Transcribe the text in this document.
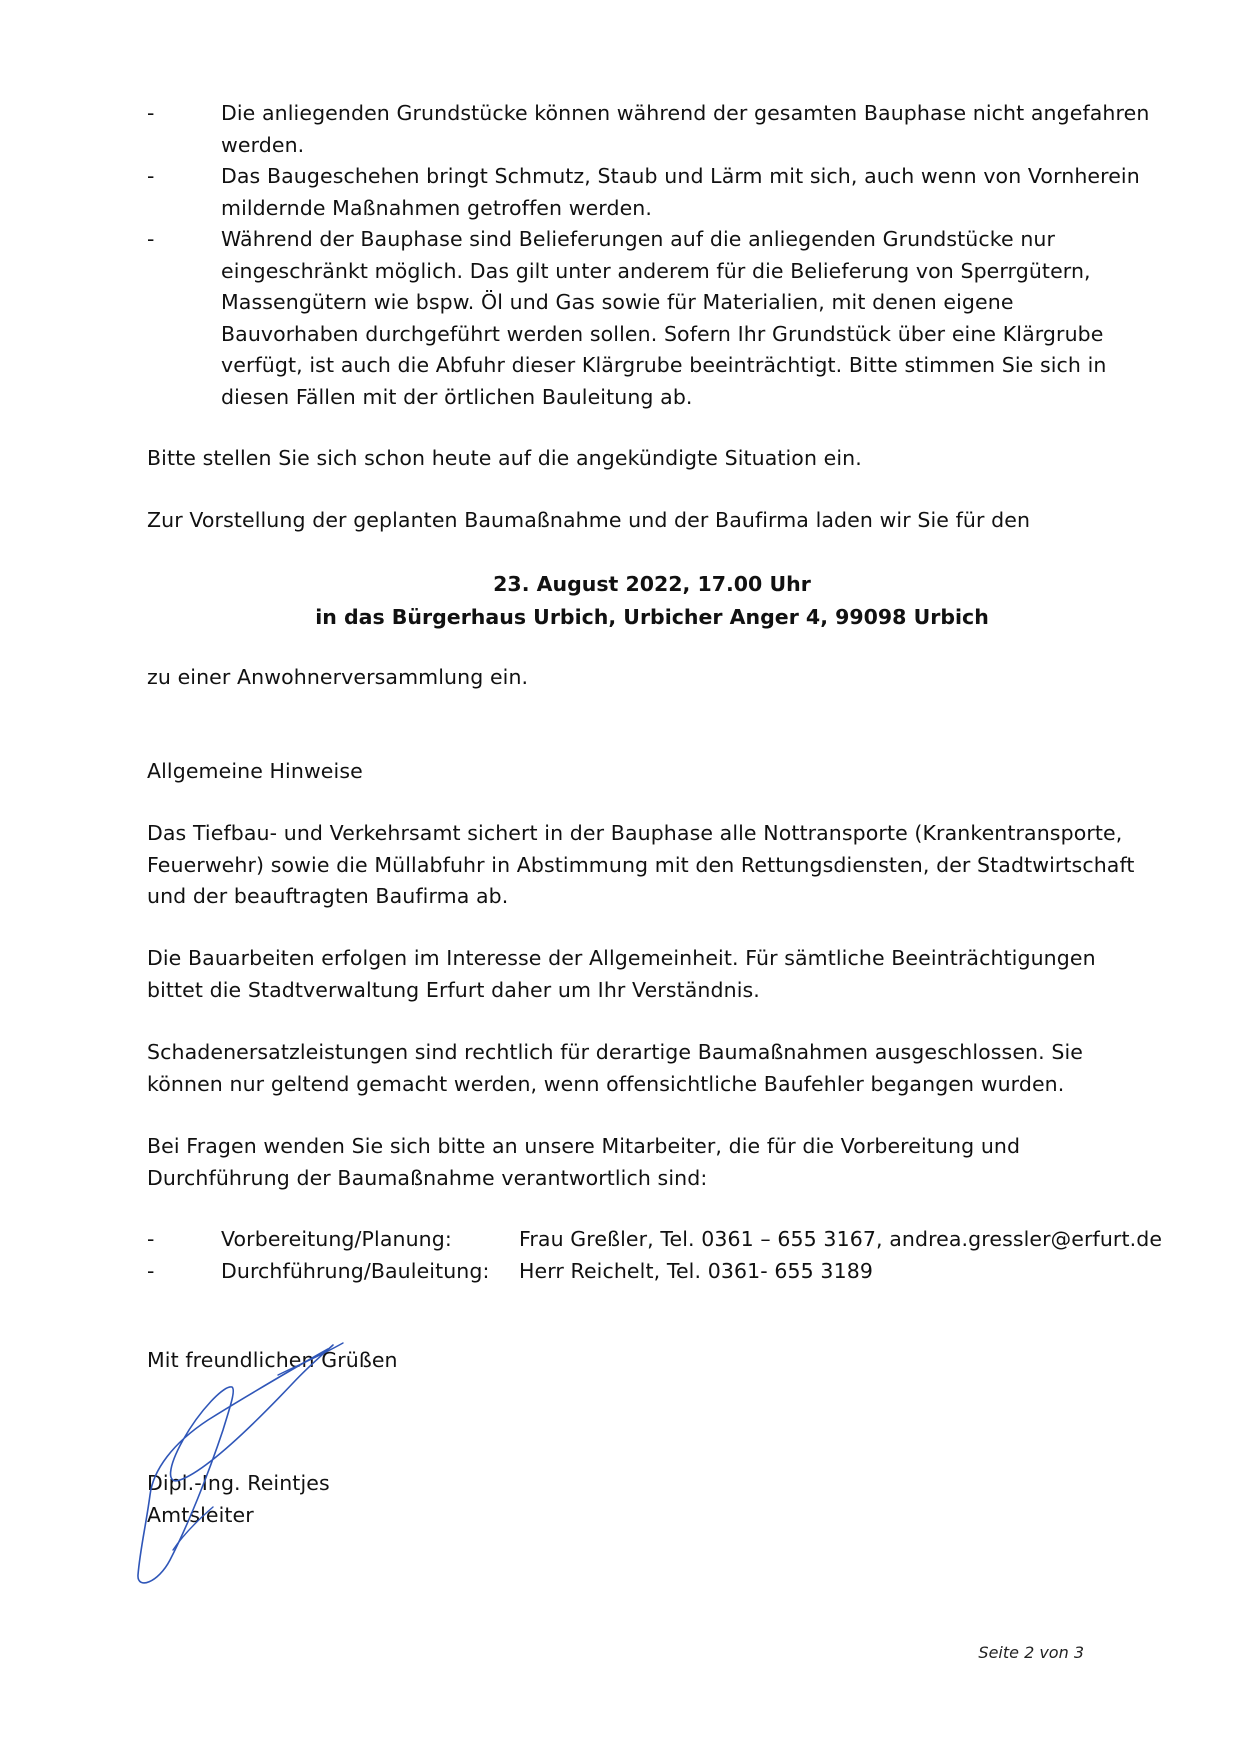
-	Die anliegenden Grundstücke können während der gesamten Bauphase nicht angefahren
werden.
-	Das Baugeschehen bringt Schmutz, Staub und Lärm mit sich, auch wenn von Vornherein
mildernde Maßnahmen getroffen werden.
-	Während der Bauphase sind Belieferungen auf die anliegenden Grundstücke nur
eingeschränkt möglich. Das gilt unter anderem für die Belieferung von Sperrgütern,
Massengütern wie bspw. Öl und Gas sowie für Materialien, mit denen eigene
Bauvorhaben durchgeführt werden sollen. Sofern Ihr Grundstück über eine Klärgrube
verfügt, ist auch die Abfuhr dieser Klärgrube beeinträchtigt. Bitte stimmen Sie sich in
diesen Fällen mit der örtlichen Bauleitung ab.
Bitte stellen Sie sich schon heute auf die angekündigte Situation ein.
Zur Vorstellung der geplanten Baumaßnahme und der Baufirma laden wir Sie für den
23. August 2022, 17.00 Uhr
in das Bürgerhaus Urbich, Urbicher Anger 4, 99098 Urbich
zu einer Anwohnerversammlung ein.
Allgemeine Hinweise
Das Tiefbau- und Verkehrsamt sichert in der Bauphase alle Nottransporte (Krankentransporte,
Feuerwehr) sowie die Müllabfuhr in Abstimmung mit den Rettungsdiensten, der Stadtwirtschaft
und der beauftragten Baufirma ab.
Die Bauarbeiten erfolgen im Interesse der Allgemeinheit. Für sämtliche Beeinträchtigungen
bittet die Stadtverwaltung Erfurt daher um Ihr Verständnis.
Schadenersatzleistungen sind rechtlich für derartige Baumaßnahmen ausgeschlossen. Sie
können nur geltend gemacht werden, wenn offensichtliche Baufehler begangen wurden.
Bei Fragen wenden Sie sich bitte an unsere Mitarbeiter, die für die Vorbereitung und
Durchführung der Baumaßnahme verantwortlich sind:
-	Vorbereitung/Planung:	Frau Greßler, Tel. 0361 – 655 3167, andrea.gressler@erfurt.de
-	Durchführung/Bauleitung:	Herr Reichelt, Tel. 0361- 655 3189
Mit freundlichen Grüßen
Dipl.-Ing. Reintjes
Amtsleiter
Seite 2 von 3
